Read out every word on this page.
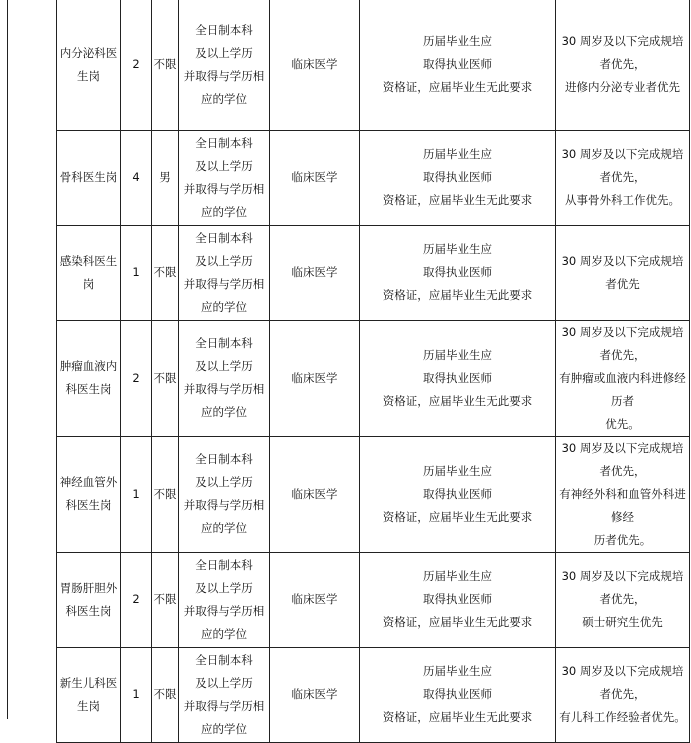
内分泌科医生岗	2	不限	全日制本科
及以上学历
并取得与学历相
应的学位	临床医学	历届毕业生应
取得执业医师
资格证，应届毕业生无此要求	30 周岁及以下完成规培者优先，
进修内分泌专业者优先

骨科医生岗	4	男	全日制本科
及以上学历
并取得与学历相
应的学位	临床医学	历届毕业生应
取得执业医师
资格证，应届毕业生无此要求	30 周岁及以下完成规培者优先，
从事骨外科工作优先。

感染科医生岗	1	不限	全日制本科
及以上学历
并取得与学历相
应的学位	临床医学	历届毕业生应
取得执业医师
资格证，应届毕业生无此要求	30 周岁及以下完成规培者优先

肿瘤血液内科医生岗	2	不限	全日制本科
及以上学历
并取得与学历相
应的学位	临床医学	历届毕业生应
取得执业医师
资格证，应届毕业生无此要求	30 周岁及以下完成规培者优先，
有肿瘤或血液内科进修经历者
优先。

神经血管外科医生岗	1	不限	全日制本科
及以上学历
并取得与学历相
应的学位	临床医学	历届毕业生应
取得执业医师
资格证，应届毕业生无此要求	30 周岁及以下完成规培者优先，
有神经外科和血管外科进修经
历者优先。

胃肠肝胆外科医生岗	2	不限	全日制本科
及以上学历
并取得与学历相
应的学位	临床医学	历届毕业生应
取得执业医师
资格证，应届毕业生无此要求	30 周岁及以下完成规培者优先，
硕士研究生优先

新生儿科医生岗	1	不限	全日制本科
及以上学历
并取得与学历相
应的学位	临床医学	历届毕业生应
取得执业医师
资格证，应届毕业生无此要求	30 周岁及以下完成规培者优先，
有儿科工作经验者优先。
